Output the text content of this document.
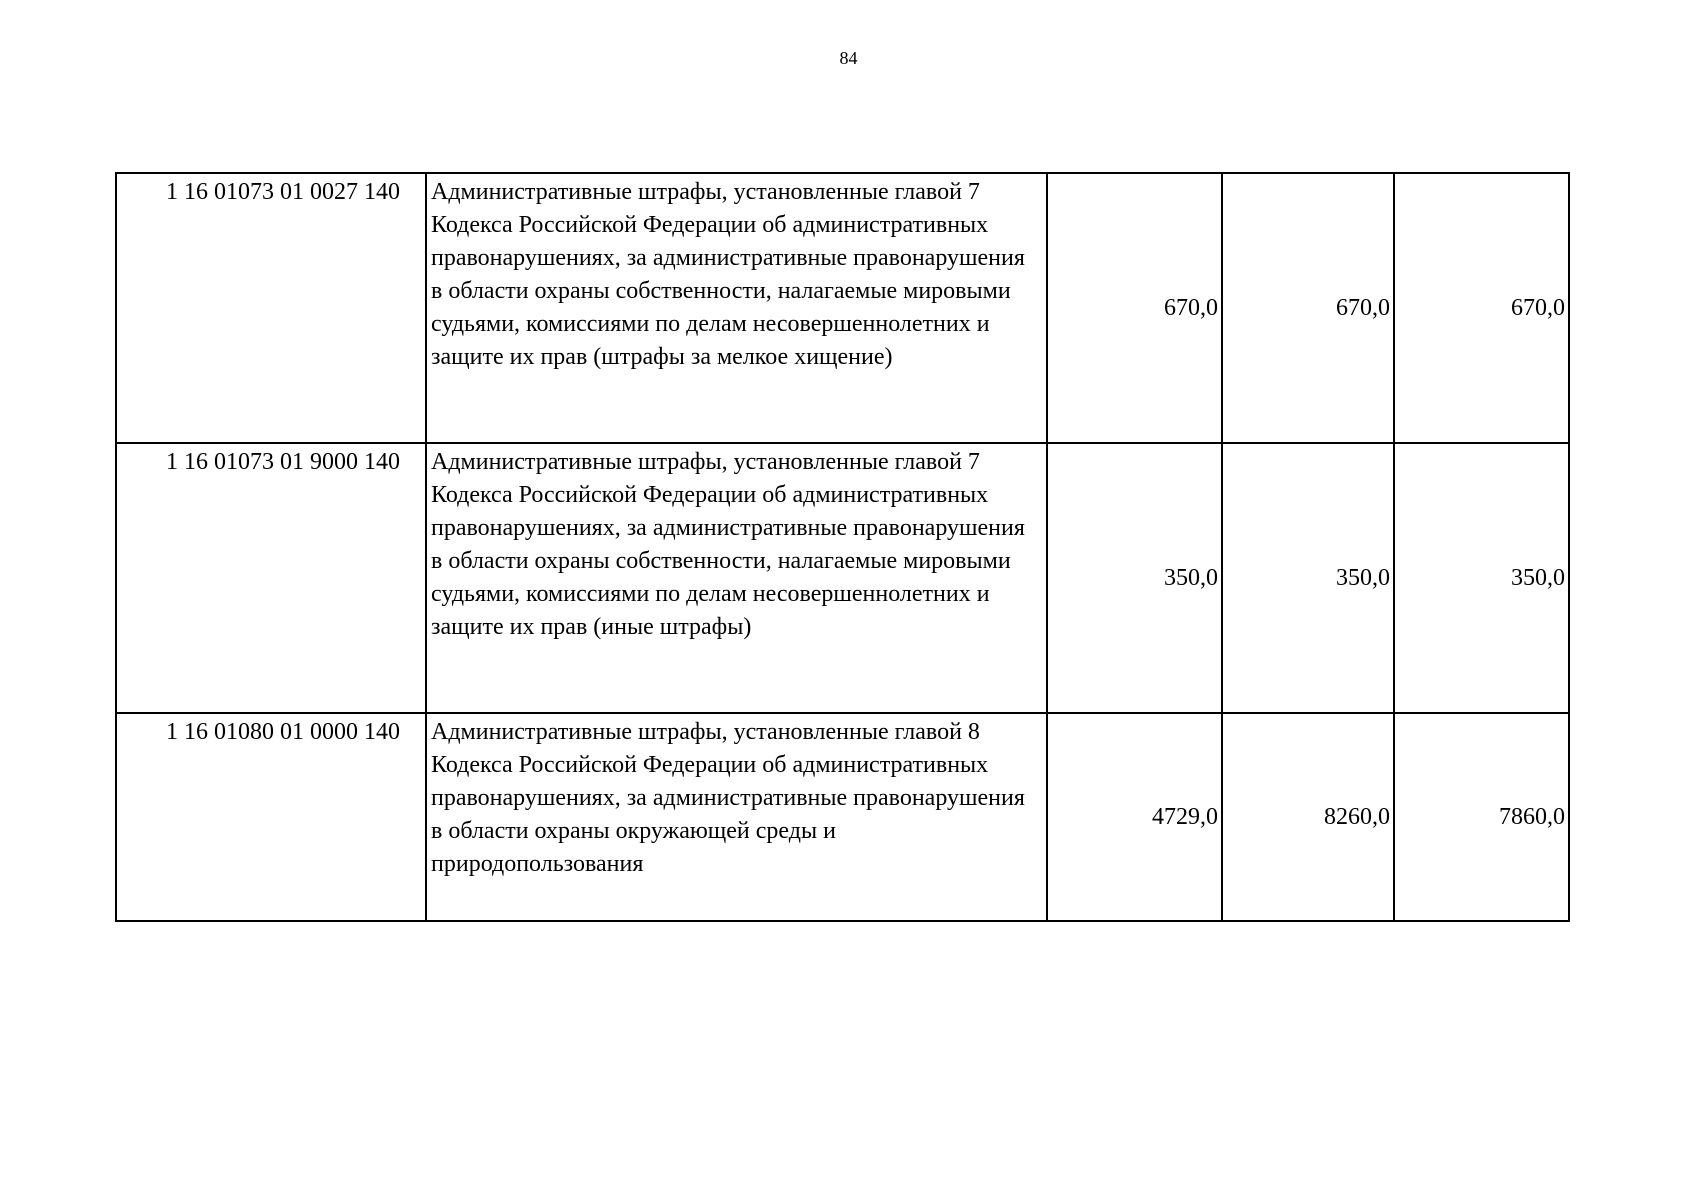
84
1 16 01073 01 0027 140	Административные штрафы, установленные главой 7 Кодекса Российской Федерации об административных правонарушениях, за административные правонарушения в области охраны собственности, налагаемые мировыми судьями, комиссиями по делам несовершеннолетних и защите их прав (штрафы за мелкое хищение)	670,0	670,0	670,0
1 16 01073 01 9000 140	Административные штрафы, установленные главой 7 Кодекса Российской Федерации об административных правонарушениях, за административные правонарушения в области охраны собственности, налагаемые мировыми судьями, комиссиями по делам несовершеннолетних и защите их прав (иные штрафы)	350,0	350,0	350,0
1 16 01080 01 0000 140	Административные штрафы, установленные главой 8 Кодекса Российской Федерации об административных правонарушениях, за административные правонарушения в области охраны окружающей среды и природопользования	4729,0	8260,0	7860,0
